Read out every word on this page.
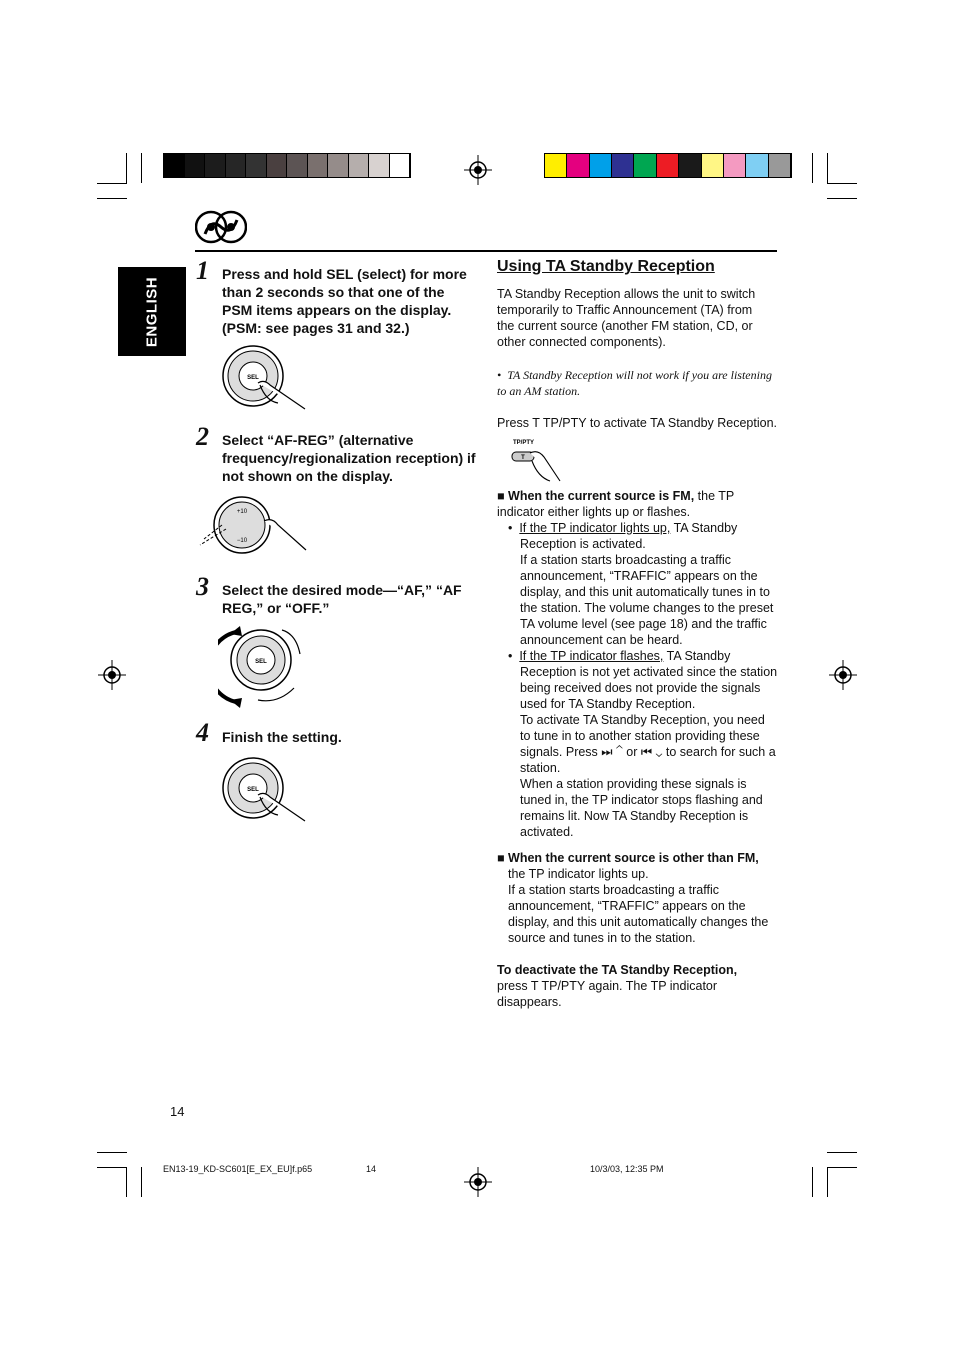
ENGLISH
1 Press and hold SEL (select) for more than 2 seconds so that one of the PSM items appears on the display. (PSM: see pages 31 and 32.)
SEL
2 Select “AF-REG” (alternative frequency/regionalization reception) if not shown on the display.
+10
−10
3 Select the desired mode—“AF,” “AF REG,” or “OFF.”
SEL
4 Finish the setting.
SEL
Using TA Standby Reception

TA Standby Reception allows the unit to switch temporarily to Traffic Announcement (TA) from the current source (another FM station, CD, or other connected components).

• TA Standby Reception will not work if you are listening to an AM station.

Press T TP/PTY to activate TA Standby Reception.

TP/PTY
T

■ When the current source is FM, the TP indicator either lights up or flashes.

•  If the TP indicator lights up, TA Standby Reception is activated.

If a station starts broadcasting a traffic announcement, “TRAFFIC” appears on the display, and this unit automatically tunes in to the station. The volume changes to the preset TA volume level (see page 18) and the traffic announcement can be heard.

•  If the TP indicator flashes, TA Standby Reception is not yet activated since the station being received does not provide the signals used for TA Standby Reception.

To activate TA Standby Reception, you need to tune in to another station providing these signals. Press ⏭ ⌃ or ⏮ ⌄ to search for such a station.

When a station providing these signals is tuned in, the TP indicator stops flashing and remains lit. Now TA Standby Reception is activated.

■ When the current source is other than FM,

the TP indicator lights up.

If a station starts broadcasting a traffic announcement, “TRAFFIC” appears on the display, and this unit automatically changes the source and tunes in to the station.

To deactivate the TA Standby Reception,

press T TP/PTY again. The TP indicator disappears.

14
EN13-19_KD-SC601[E_EX_EU]f.p65	14	10/3/03, 12:35 PM
